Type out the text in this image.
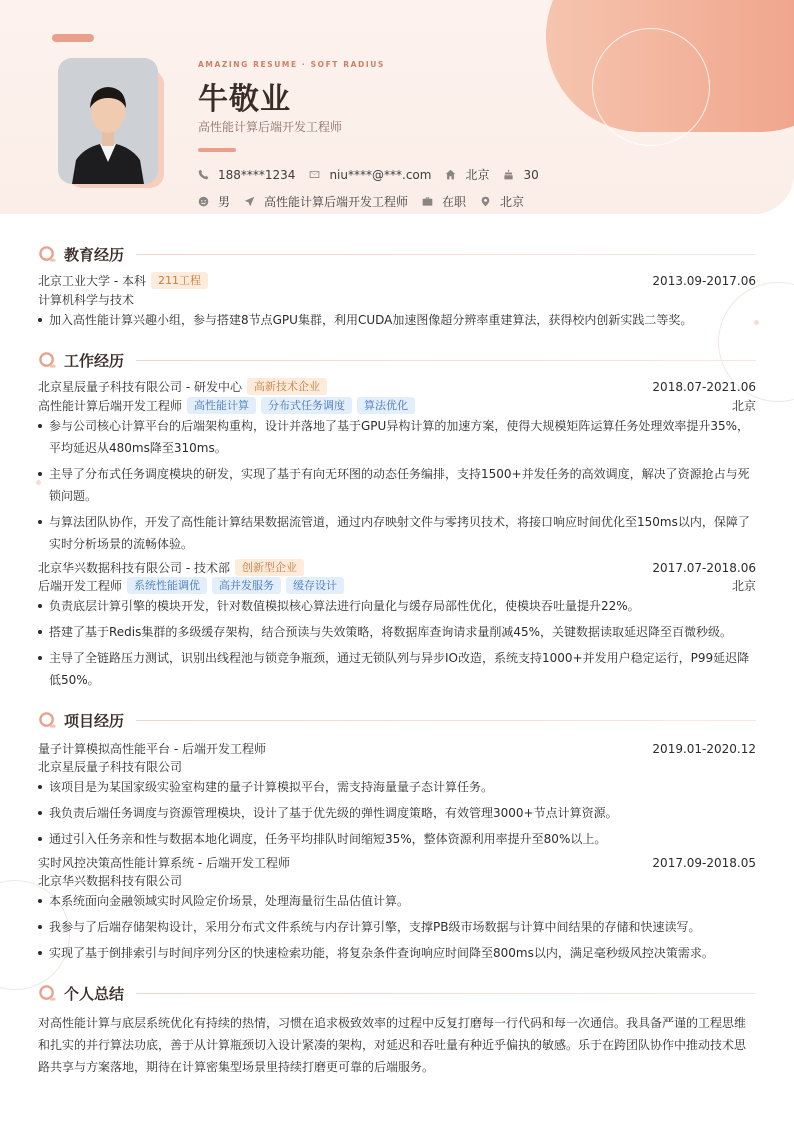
AMAZING RESUME · SOFT RADIUS
牛敬业
高性能计算后端开发工程师
188****1234	niu****@***.com	北京	30
男	高性能计算后端开发工程师	在职	北京
教育经历
北京工业大学 - 本科	211工程	2013.09-2017.06
计算机科学与技术
加入高性能计算兴趣小组，参与搭建8节点GPU集群，利用CUDA加速图像超分辨率重建算法，获得校内创新实践二等奖。
工作经历
北京星辰量子科技有限公司 - 研发中心	高新技术企业	2018.07-2021.06
高性能计算后端开发工程师	高性能计算	分布式任务调度	算法优化	北京
参与公司核心计算平台的后端架构重构，设计并落地了基于GPU异构计算的加速方案，使得大规模矩阵运算任务处理效率提升35%，平均延迟从480ms降至310ms。
主导了分布式任务调度模块的研发，实现了基于有向无环图的动态任务编排，支持1500+并发任务的高效调度，解决了资源抢占与死锁问题。
与算法团队协作，开发了高性能计算结果数据流管道，通过内存映射文件与零拷贝技术，将接口响应时间优化至150ms以内，保障了实时分析场景的流畅体验。
北京华兴数据科技有限公司 - 技术部	创新型企业	2017.07-2018.06
后端开发工程师	系统性能调优	高并发服务	缓存设计	北京
负责底层计算引擎的模块开发，针对数值模拟核心算法进行向量化与缓存局部性优化，使模块吞吐量提升22%。
搭建了基于Redis集群的多级缓存架构，结合预读与失效策略，将数据库查询请求量削减45%，关键数据读取延迟降至百微秒级。
主导了全链路压力测试，识别出线程池与锁竞争瓶颈，通过无锁队列与异步IO改造，系统支持1000+并发用户稳定运行，P99延迟降低50%。
项目经历
量子计算模拟高性能平台 - 后端开发工程师	2019.01-2020.12
北京星辰量子科技有限公司
该项目是为某国家级实验室构建的量子计算模拟平台，需支持海量量子态计算任务。
我负责后端任务调度与资源管理模块，设计了基于优先级的弹性调度策略，有效管理3000+节点计算资源。
通过引入任务亲和性与数据本地化调度，任务平均排队时间缩短35%，整体资源利用率提升至80%以上。
实时风控决策高性能计算系统 - 后端开发工程师	2017.09-2018.05
北京华兴数据科技有限公司
本系统面向金融领域实时风险定价场景，处理海量衍生品估值计算。
我参与了后端存储架构设计，采用分布式文件系统与内存计算引擎，支撑PB级市场数据与计算中间结果的存储和快速读写。
实现了基于倒排索引与时间序列分区的快速检索功能，将复杂条件查询响应时间降至800ms以内，满足毫秒级风控决策需求。
个人总结
对高性能计算与底层系统优化有持续的热情，习惯在追求极致效率的过程中反复打磨每一行代码和每一次通信。我具备严谨的工程思维和扎实的并行算法功底，善于从计算瓶颈切入设计紧凑的架构，对延迟和吞吐量有种近乎偏执的敏感。乐于在跨团队协作中推动技术思路共享与方案落地，期待在计算密集型场景里持续打磨更可靠的后端服务。
